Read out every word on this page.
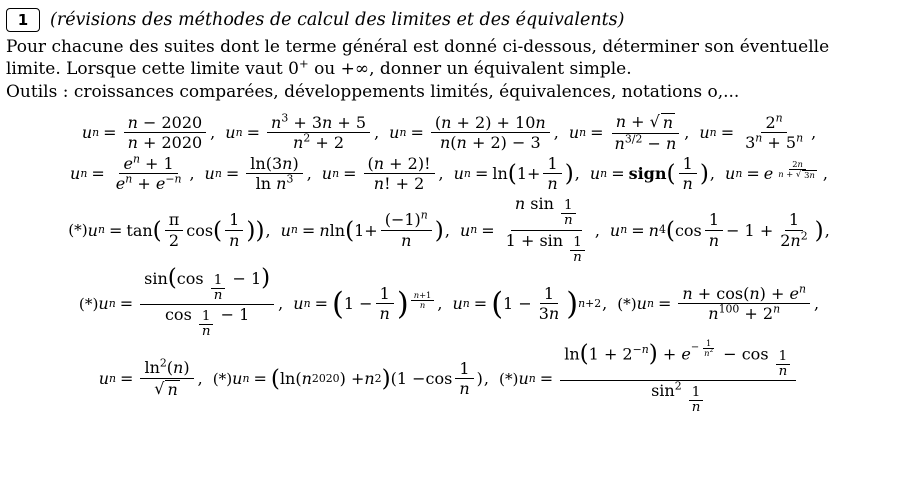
1	(révisions des méthodes de calcul des limites et des équivalents)

Pour chacune des suites dont le terme général est donné ci-dessous, déterminer son éventuelle

limite. Lorsque cette limite vaut 0+ ou +∞, donner un équivalent simple.

Outils : croissances comparées, développements limités, équivalences, notations o,...

u $n = \frac{n - 2020}{n + 2020}$ , u $n = \frac{n^3 + 3n + 5}{n^2 + 2}$ , u $n = \frac{(n + 2) + 10n}{n(n + 2) - 3}$ , u $n = \frac{n + √ n}{n^{3/2} - n}$ , u $n = \frac{2^n}{3^n + 5^n}$ ,
u $n = \frac{e^n + 1}{e^n + e^{-n}}$ , u $n = \frac{\ln(3n)}{\ln n^3}$ , u $n = \frac{(n + 2)!}{n! + 2}$ , u n = ln ( $1+ \frac{1}{n}$ ) , u n = sign ( $\frac{1}{n}$ ) , u n = e $\frac{2n}{n + √ 3n}$ ,
(*) u n = tan ( $\frac{\pi}{2}$ cos ( $\frac{1}{n}$ ) ) , u n = n ln ( $1+ \frac{(-1)^n}{n}$ ) , u $n = \frac{n \sin \frac{1}{n}}{1 + \sin \frac{1}{n}}$ , u n = n 4 ( $\cos \frac{1}{n} - 1 + \frac{1}{2n^2}$ ) ,
(*) u $n = \frac{\sin(\cos \frac{1}{n} - 1)}{\cos \frac{1}{n} - 1}$ , u n = ( $1 - \frac{1}{n}$ ) $\frac{n+1}{n}$ , u n = ( $1 - \frac{1}{3n}$ ) n+2 , (*) u $n = \frac{n + \cos(n) + e^n}{n^{100} + 2^n}$ ,
u $n = \frac{\ln^2(n)}{√ n}$ , (*) u n = ( ln ( n 2020 ) + n 2 ) ($1 - \cos \frac{1}{n}$ ) , (*) u $n = \frac{\ln(1 + 2^{-n}) + e- \frac{1}{n^2} - \cos \frac{1}{n}}{\sin^2 \frac{1}{n}}$
